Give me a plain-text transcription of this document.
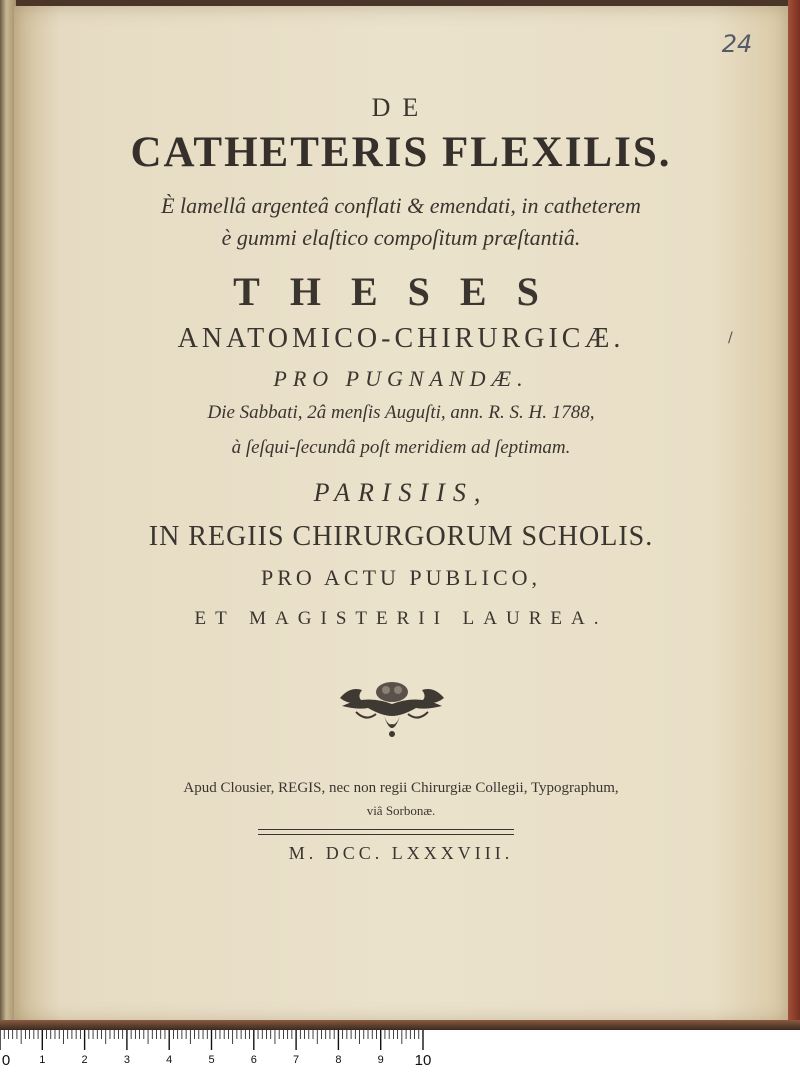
24
/
DE
CATHETERIS FLEXILIS.
È lamellâ argenteâ conflati & emendati, in catheterem
è gummi elaſtico compoſitum præſtantiâ.
THESES
ANATOMICO-CHIRURGICÆ.
PRO PUGNANDÆ.
Die Sabbati, 2â menſis Auguſti, ann. R. S. H. 1788,
à ſeſqui-ſecundâ poſt meridiem ad ſeptimam.
PARISIIS,
IN REGIIS CHIRURGORUM SCHOLIS.
PRO ACTU PUBLICO,
ET MAGISTERII LAUREA.
Apud Clousier, REGIS, nec non regii Chirurgiæ Collegii, Typographum,
viâ Sorbonæ.
M. DCC. LXXXVIII.
0	1	2	3	4	5	6	7	8	9	10
